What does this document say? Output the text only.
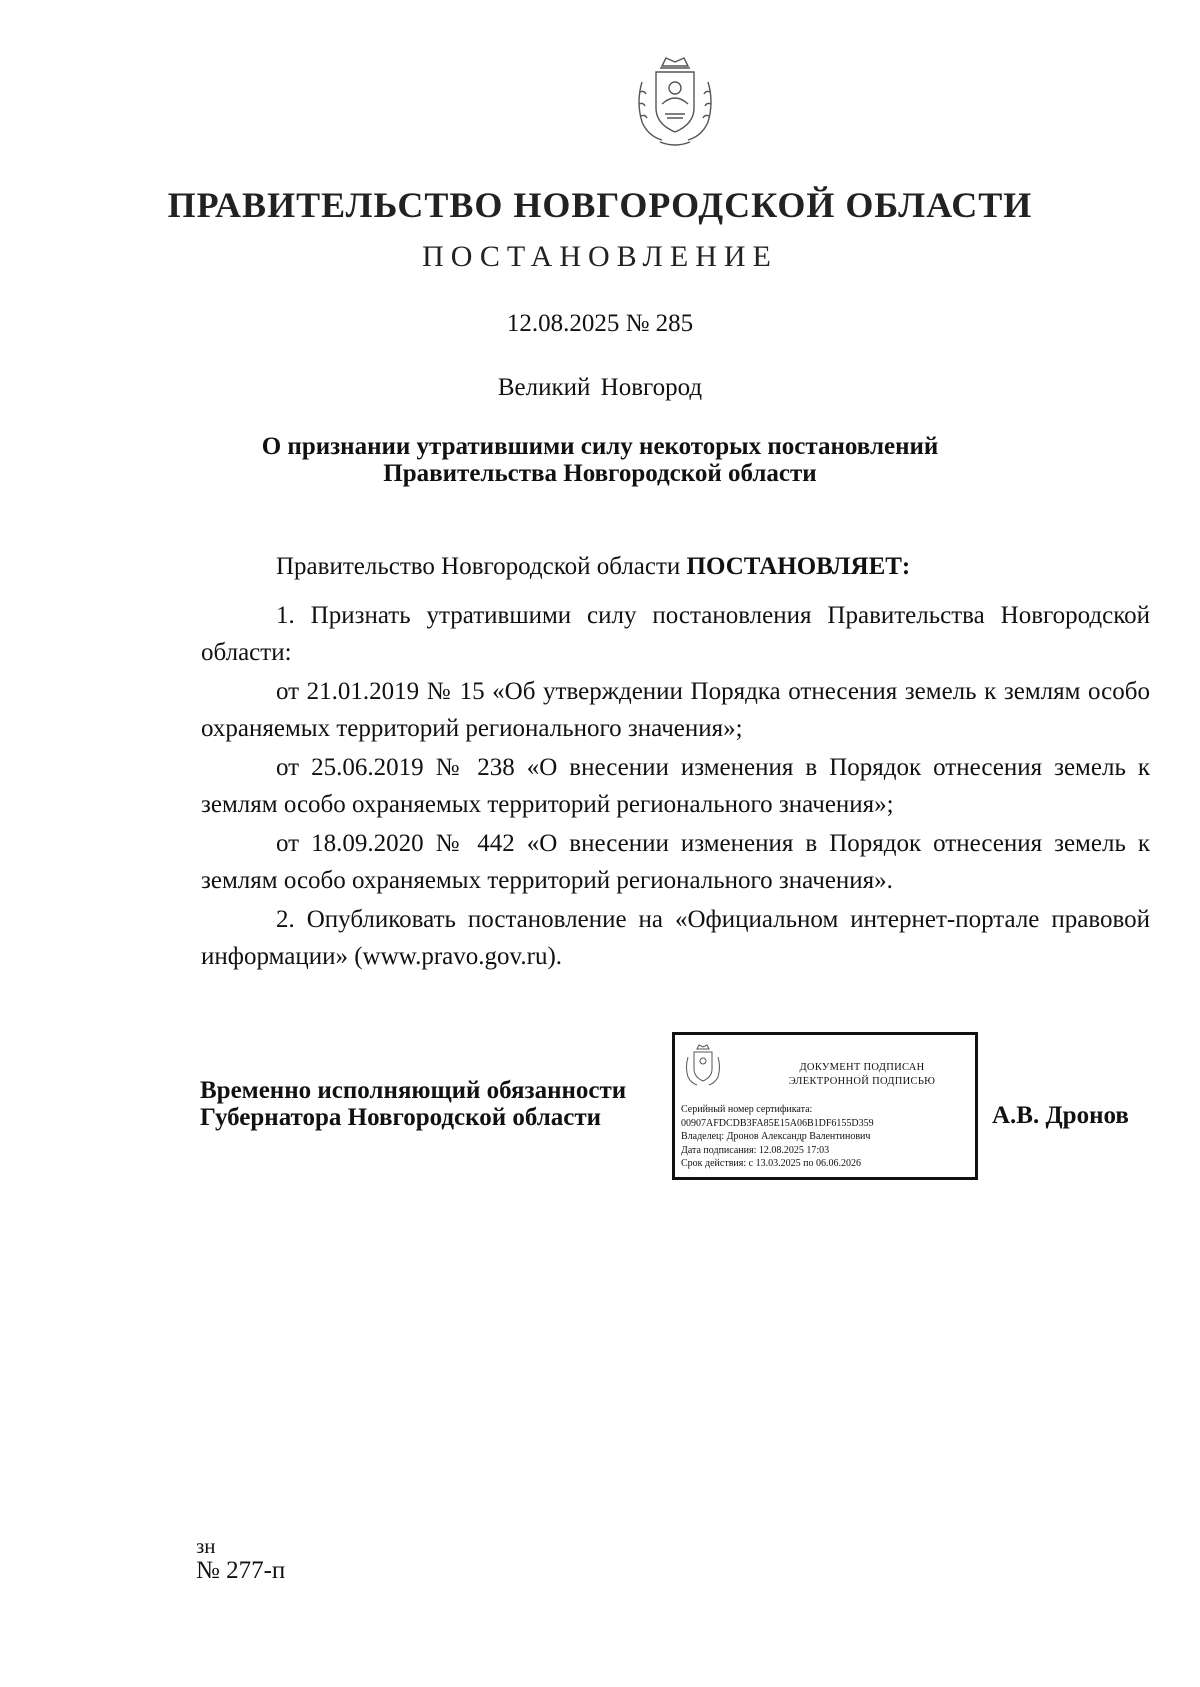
ПРАВИТЕЛЬСТВО НОВГОРОДСКОЙ ОБЛАСТИ
ПОСТАНОВЛЕНИЕ
12.08.2025 № 285
Великий Новгород
О признании утратившими силу некоторых постановлений
Правительства Новгородской области

Правительство Новгородской области ПОСТАНОВЛЯЕТ:

1. Признать утратившими силу постановления Правительства Новгородской области:

от 21.01.2019 № 15 «Об утверждении Порядка отнесения земель к землям особо охраняемых территорий регионального значения»;

от 25.06.2019 № 238 «О внесении изменения в Порядок отнесения земель к землям особо охраняемых территорий регионального значения»;

от 18.09.2020 № 442 «О внесении изменения в Порядок отнесения земель к землям особо охраняемых территорий регионального значения».

2. Опубликовать постановление на «Официальном интернет-портале правовой информации» (www.pravo.gov.ru).

Временно исполняющий обязанности
Губернатора Новгородской области
ДОКУМЕНТ ПОДПИСАН
ЭЛЕКТРОННОЙ ПОДПИСЬЮ
Серийный номер сертификата:
00907AFDCDB3FA85E15A06B1DF6155D359
Владелец: Дронов Александр Валентинович
Дата подписания: 12.08.2025 17:03
Срок действия: с 13.03.2025 по 06.06.2026
А.В. Дронов
зн
№ 277-п
